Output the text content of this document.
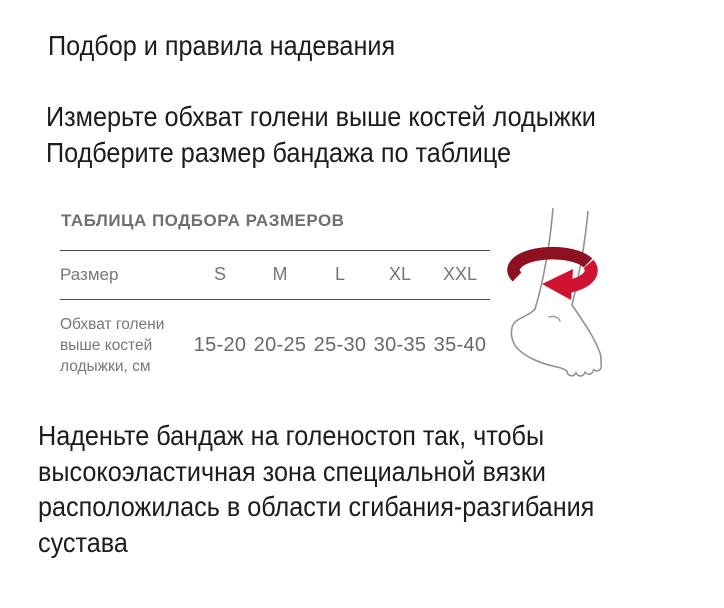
Подбор и правила надевания
Измерьте обхват голени выше костей лодыжки
Подберите размер бандажа по таблице
ТАБЛИЦА ПОДБОРА РАЗМЕРОВ
Размер	S	M	L	XL	XXL
Обхват голени
выше костей
лодыжки, см
15-20 20-25 25-30 30-35 35-40
Наденьте бандаж на голеностоп так, чтобы
высокоэластичная зона специальной вязки
расположилась в области сгибания-разгибания
сустава
